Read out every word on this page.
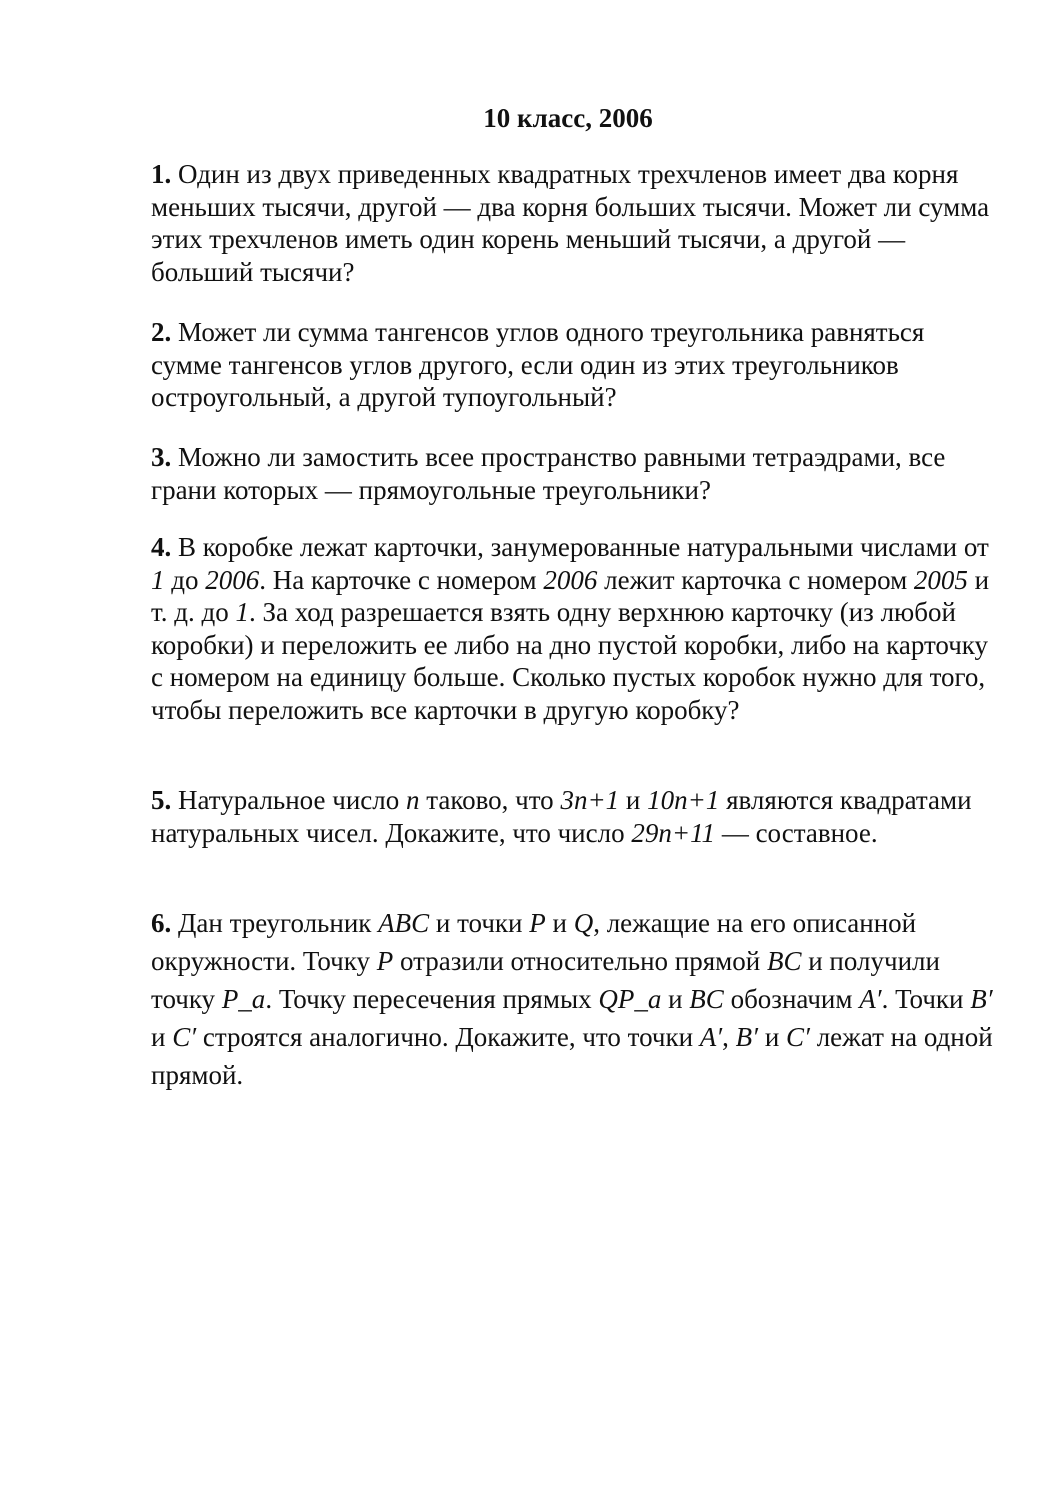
10 класс, 2006

1. Один из двух приведенных квадратных трехчленов имеет два корня меньших тысячи, другой — два корня больших тысячи. Может ли сумма этих трехчленов иметь один корень меньший тысячи, а другой — больший тысячи?

2. Может ли сумма тангенсов углов одного треугольника равняться сумме тангенсов углов другого, если один из этих треугольников остроугольный, а другой тупоугольный?

3. Можно ли замостить всее пространство равными тетраэдрами, все грани которых — прямоугольные треугольники?

4. В коробке лежат карточки, занумерованные натуральными числами от 1 до 2006. На карточке с номером 2006 лежит карточка с номером 2005 и т. д. до 1. За ход разрешается взять одну верхнюю карточку (из любой коробки) и переложить ее либо на дно пустой коробки, либо на карточку с номером на единицу больше. Сколько пустых коробок нужно для того, чтобы переложить все карточки в другую коробку?

5. Натуральное число n таково, что 3n+1 и 10n+1 являются квадратами натуральных чисел. Докажите, что число 29n+11 — составное.

6. Дан треугольник ABC и точки P и Q, лежащие на его описанной окружности. Точку P отразили относительно прямой BC и получили точку P_a. Точку пересечения прямых QP_a и BC обозначим A′. Точки B′ и C′ строятся аналогично. Докажите, что точки A′, B′ и C′ лежат на одной прямой.
